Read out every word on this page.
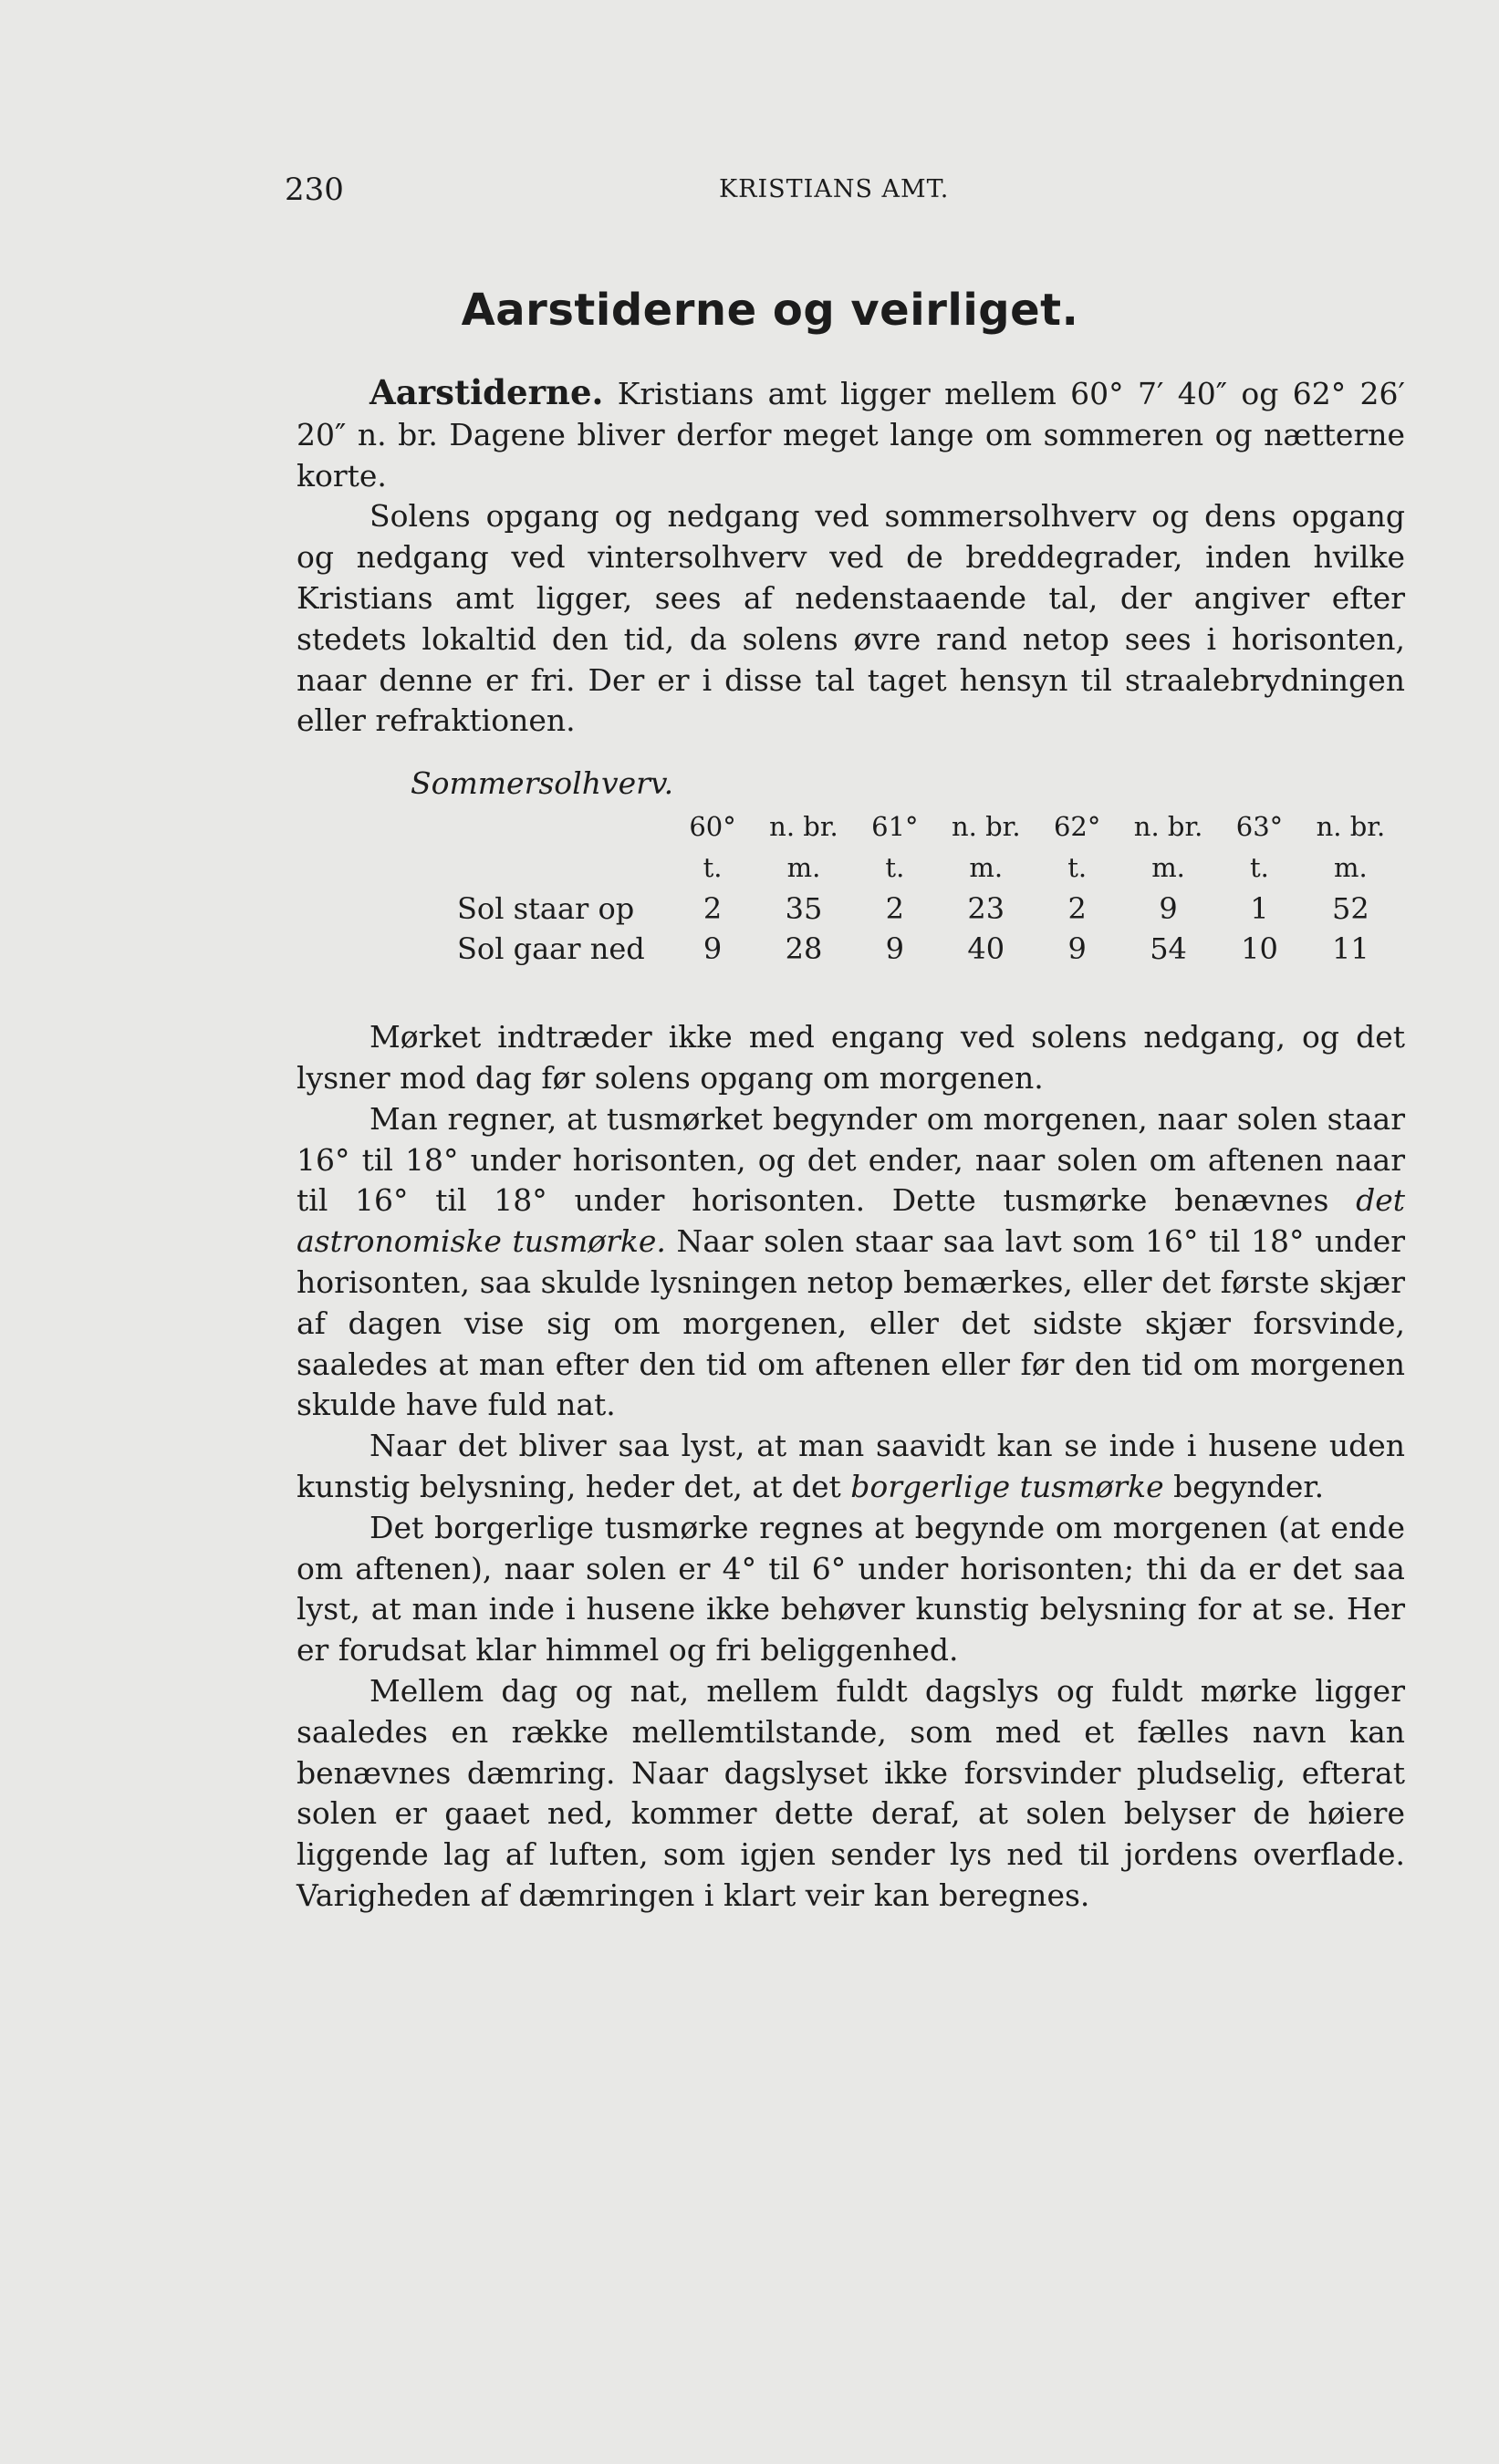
230	KRISTIANS AMT.
Aarstiderne og veirliget.

Aarstiderne. Kristians amt ligger mellem 60° 7′ 40″ og 62° 26′ 20″ n. br. Dagene bliver derfor meget lange om sommeren og nætterne korte.

Solens opgang og nedgang ved sommersolhverv og dens opgang og nedgang ved vintersolhverv ved de breddegrader, inden hvilke Kristians amt ligger, sees af nedenstaaende tal, der angiver efter stedets lokaltid den tid, da solens øvre rand netop sees i horisonten, naar denne er fri. Der er i disse tal taget hensyn til straalebrydningen eller refraktionen.

Sommersolhverv.

	60°	n. br.	61°	n. br.	62°	n. br.	63°	n. br.
	t.	m.	t.	m.	t.	m.	t.	m.
Sol staar op	2	35	2	23	2	9	1	52
Sol gaar ned	9	28	9	40	9	54	10	11

Mørket indtræder ikke med engang ved solens nedgang, og det lysner mod dag før solens opgang om morgenen.

Man regner, at tusmørket begynder om morgenen, naar solen staar 16° til 18° under horisonten, og det ender, naar solen om aftenen naar til 16° til 18° under horisonten. Dette tusmørke benævnes det astronomiske tusmørke. Naar solen staar saa lavt som 16° til 18° under horisonten, saa skulde lysningen netop bemærkes, eller det første skjær af dagen vise sig om morgenen, eller det sidste skjær forsvinde, saaledes at man efter den tid om aftenen eller før den tid om morgenen skulde have fuld nat.

Naar det bliver saa lyst, at man saavidt kan se inde i husene uden kunstig belysning, heder det, at det borgerlige tusmørke begynder.

Det borgerlige tusmørke regnes at begynde om morgenen (at ende om aftenen), naar solen er 4° til 6° under horisonten; thi da er det saa lyst, at man inde i husene ikke behøver kunstig belysning for at se. Her er forudsat klar himmel og fri beliggenhed.

Mellem dag og nat, mellem fuldt dagslys og fuldt mørke ligger saaledes en række mellemtilstande, som med et fælles navn kan benævnes dæmring. Naar dagslyset ikke forsvinder pludselig, efterat solen er gaaet ned, kommer dette deraf, at solen belyser de høiere liggende lag af luften, som igjen sender lys ned til jordens overflade. Varigheden af dæmringen i klart veir kan beregnes.
